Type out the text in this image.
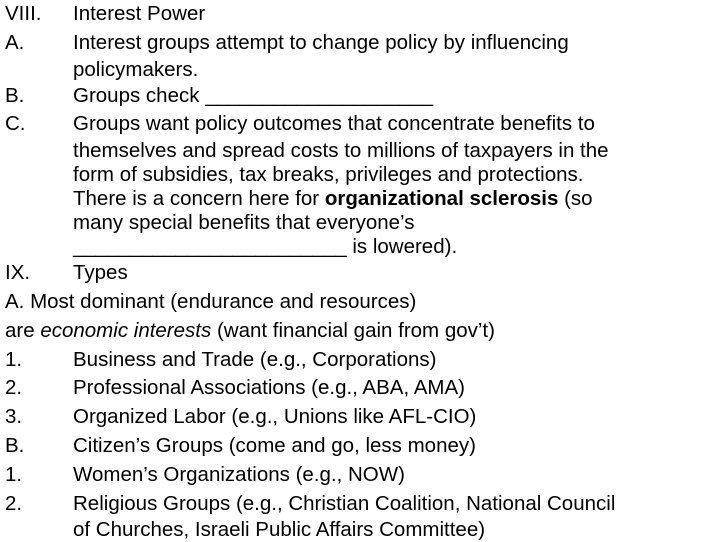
VIII.	Interest Power
A.	Interest groups attempt to change policy by influencing
policymakers.
B.	Groups check ____________________
C.	Groups want policy outcomes that concentrate benefits to
themselves and spread costs to millions of taxpayers in the
form of subsidies, tax breaks, privileges and protections.
There is a concern here for organizational sclerosis (so
many special benefits that everyone’s
________________________ is lowered).
IX.	Types
A. Most dominant (endurance and resources)
are economic interests (want financial gain from gov’t)
1.	Business and Trade (e.g., Corporations)
2.	Professional Associations (e.g., ABA, AMA)
3.	Organized Labor (e.g., Unions like AFL-CIO)
B.	Citizen’s Groups (come and go, less money)
1.	Women’s Organizations (e.g., NOW)
2.	Religious Groups (e.g., Christian Coalition, National Council
of Churches, Israeli Public Affairs Committee)
